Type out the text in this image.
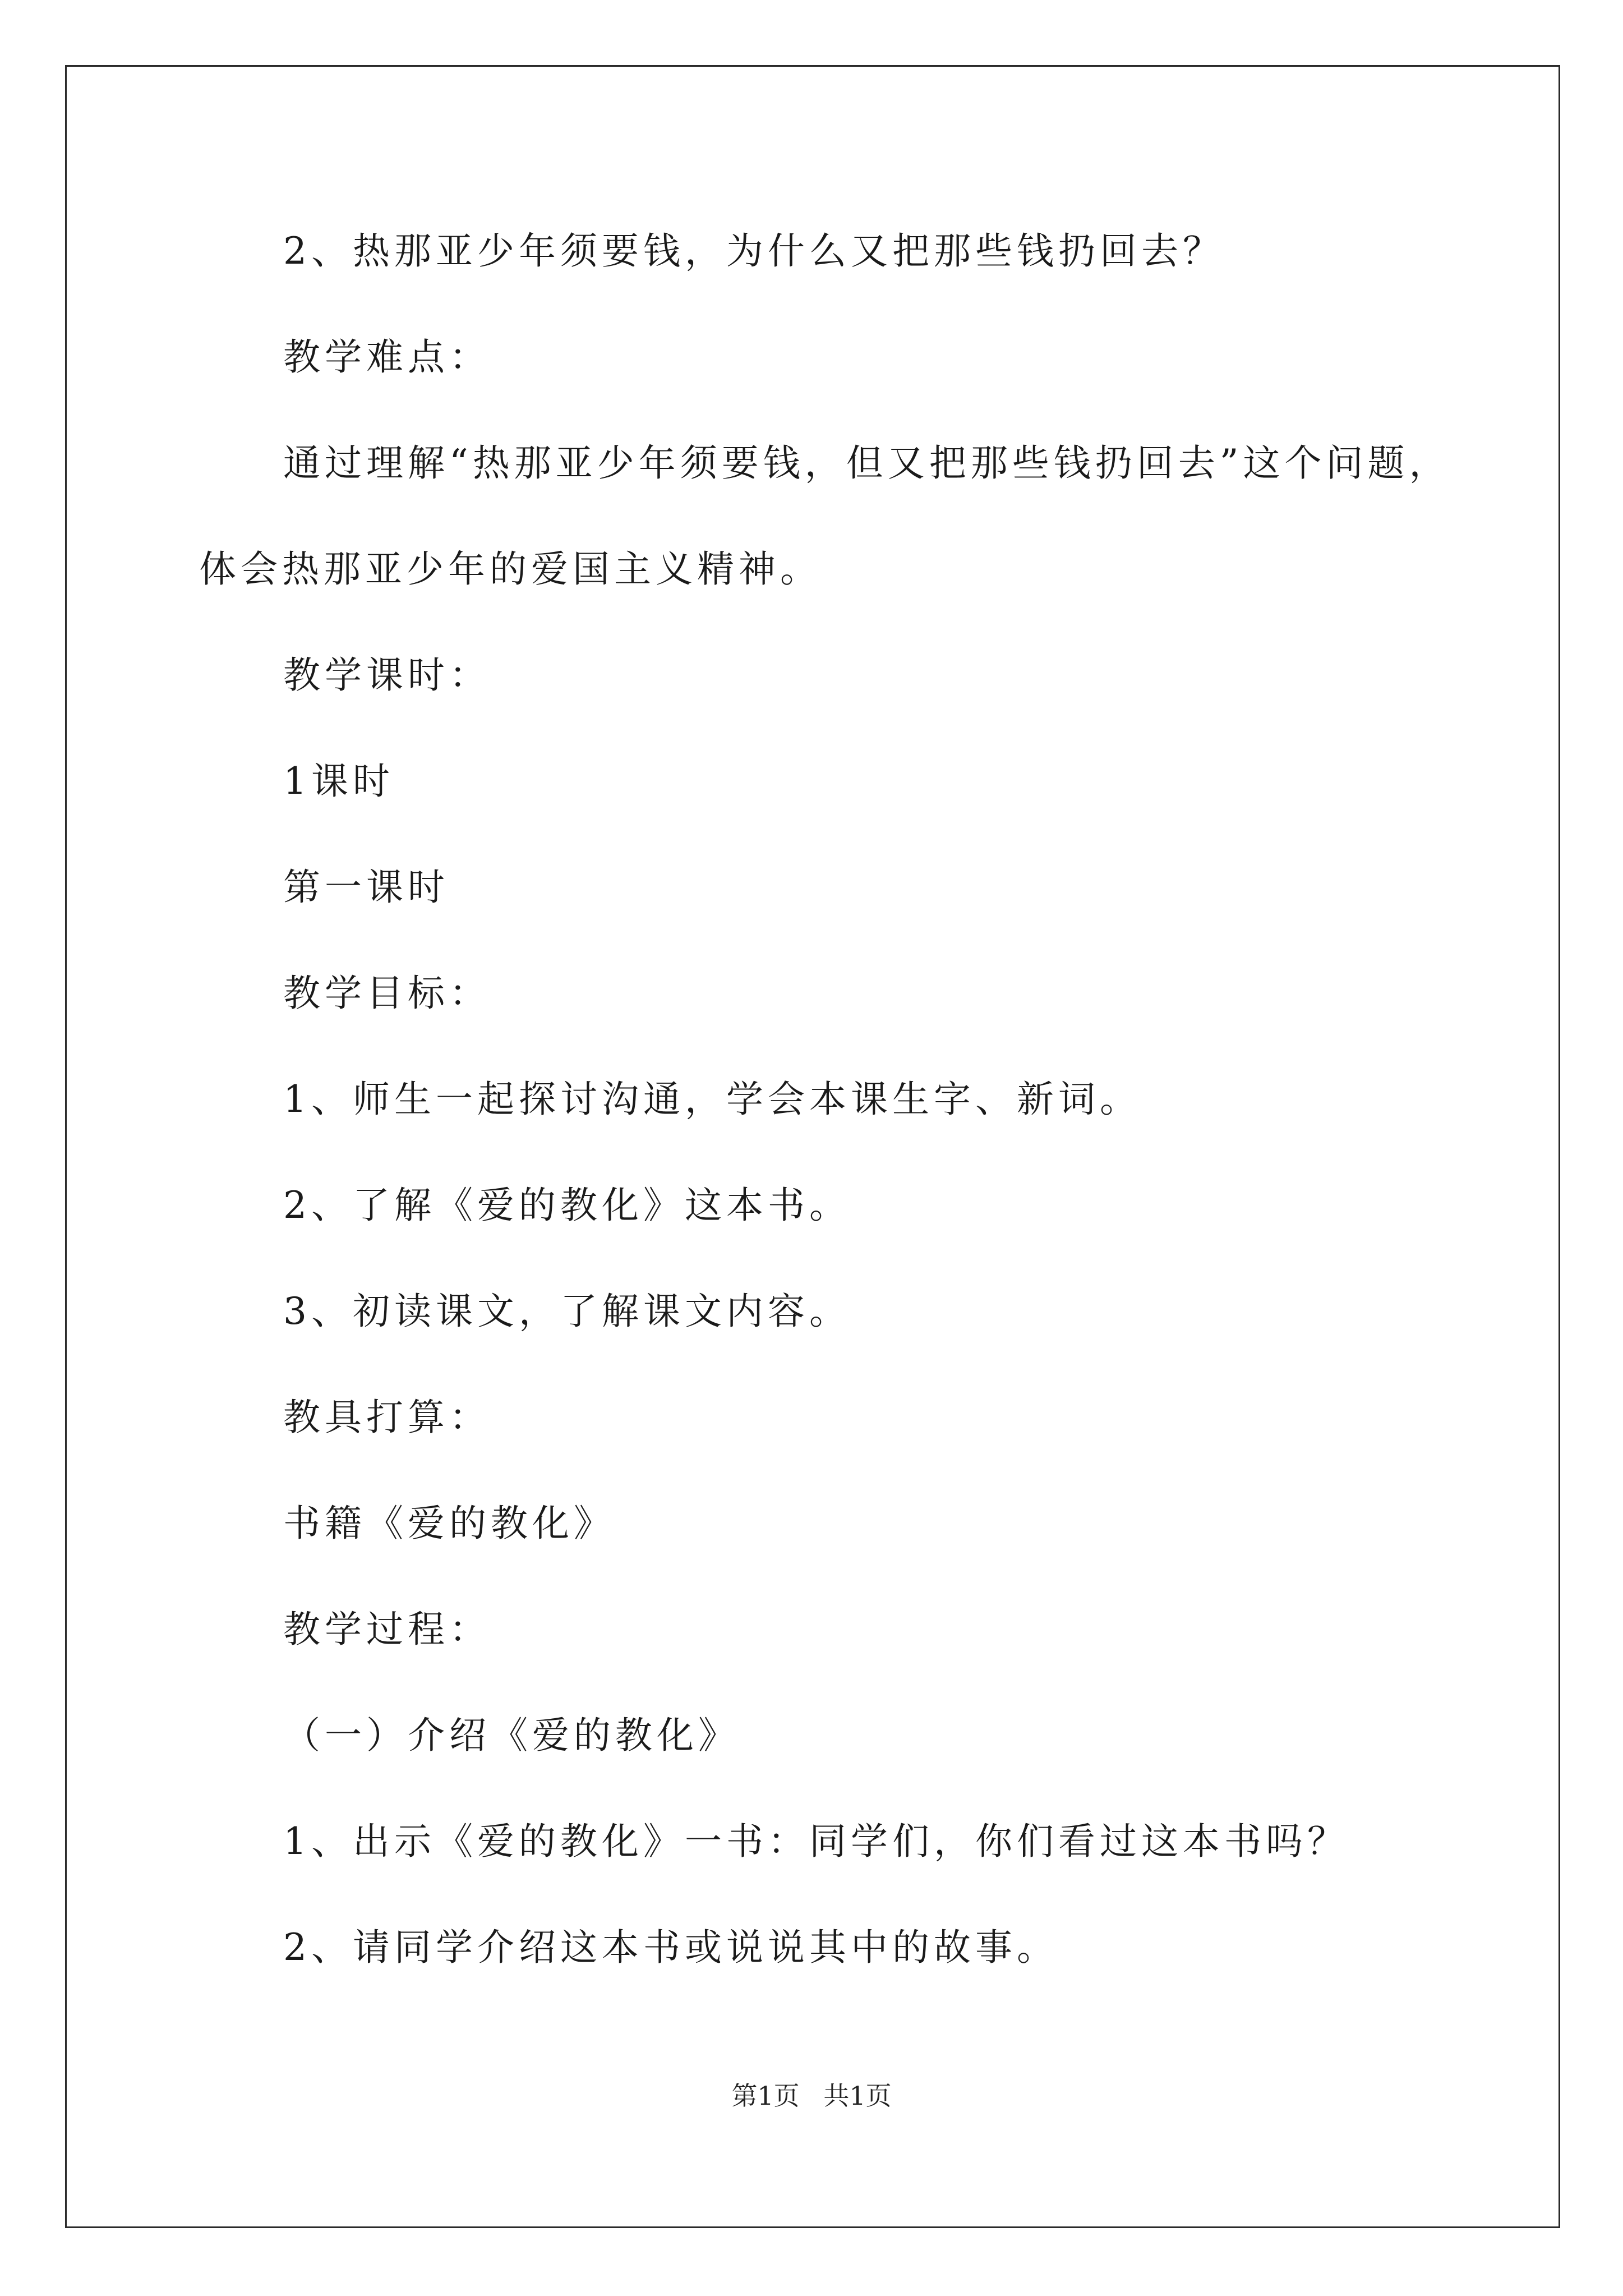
2、热那亚少年须要钱，为什么又把那些钱扔回去？
教学难点：
通过理解“热那亚少年须要钱，但又把那些钱扔回去”这个问题，
体会热那亚少年的爱国主义精神。
教学课时：
1课时
第一课时
教学目标：
1、师生一起探讨沟通，学会本课生字、新词。
2、了解《爱的教化》这本书。
3、初读课文，了解课文内容。
教具打算：
书籍《爱的教化》
教学过程：
（一）介绍《爱的教化》
1、出示《爱的教化》一书：同学们，你们看过这本书吗？
2、请同学介绍这本书或说说其中的故事。
第1页 共1页
